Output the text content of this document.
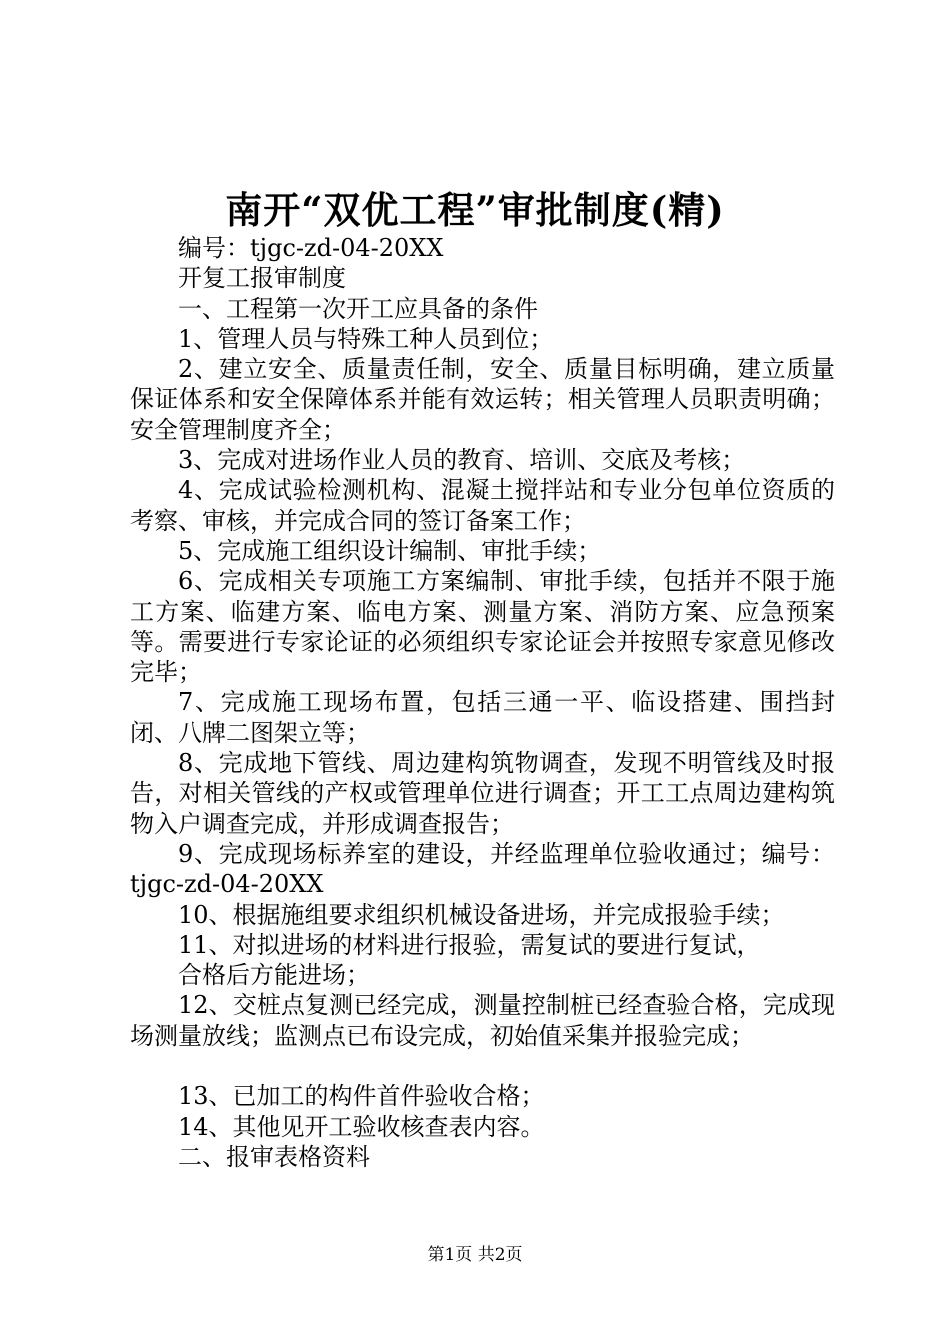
南开“双优工程”审批制度(精)

编号：tjgc-zd-04-20XX

开复工报审制度

一、工程第一次开工应具备的条件

1、管理人员与特殊工种人员到位；

2、建立安全、质量责任制，安全、质量目标明确，建立质量保证体系和安全保障体系并能有效运转；相关管理人员职责明确；安全管理制度齐全；

3、完成对进场作业人员的教育、培训、交底及考核；

4、完成试验检测机构、混凝土搅拌站和专业分包单位资质的考察、审核，并完成合同的签订备案工作；

5、完成施工组织设计编制、审批手续；

6、完成相关专项施工方案编制、审批手续，包括并不限于施工方案、临建方案、临电方案、测量方案、消防方案、应急预案等。需要进行专家论证的必须组织专家论证会并按照专家意见修改完毕；

7、完成施工现场布置，包括三通一平、临设搭建、围挡封闭、八牌二图架立等；

8、完成地下管线、周边建构筑物调查，发现不明管线及时报告，对相关管线的产权或管理单位进行调查；开工工点周边建构筑物入户调查完成，并形成调查报告；

9、完成现场标养室的建设，并经监理单位验收通过；编号：tjgc-zd-04-20XX

10、根据施组要求组织机械设备进场，并完成报验手续；

11、对拟进场的材料进行报验，需复试的要进行复试，

合格后方能进场；

12、交桩点复测已经完成，测量控制桩已经查验合格，完成现场测量放线；监测点已布设完成，初始值采集并报验完成；

13、已加工的构件首件验收合格；

14、其他见开工验收核查表内容。

二、报审表格资料

第1页 共2页
